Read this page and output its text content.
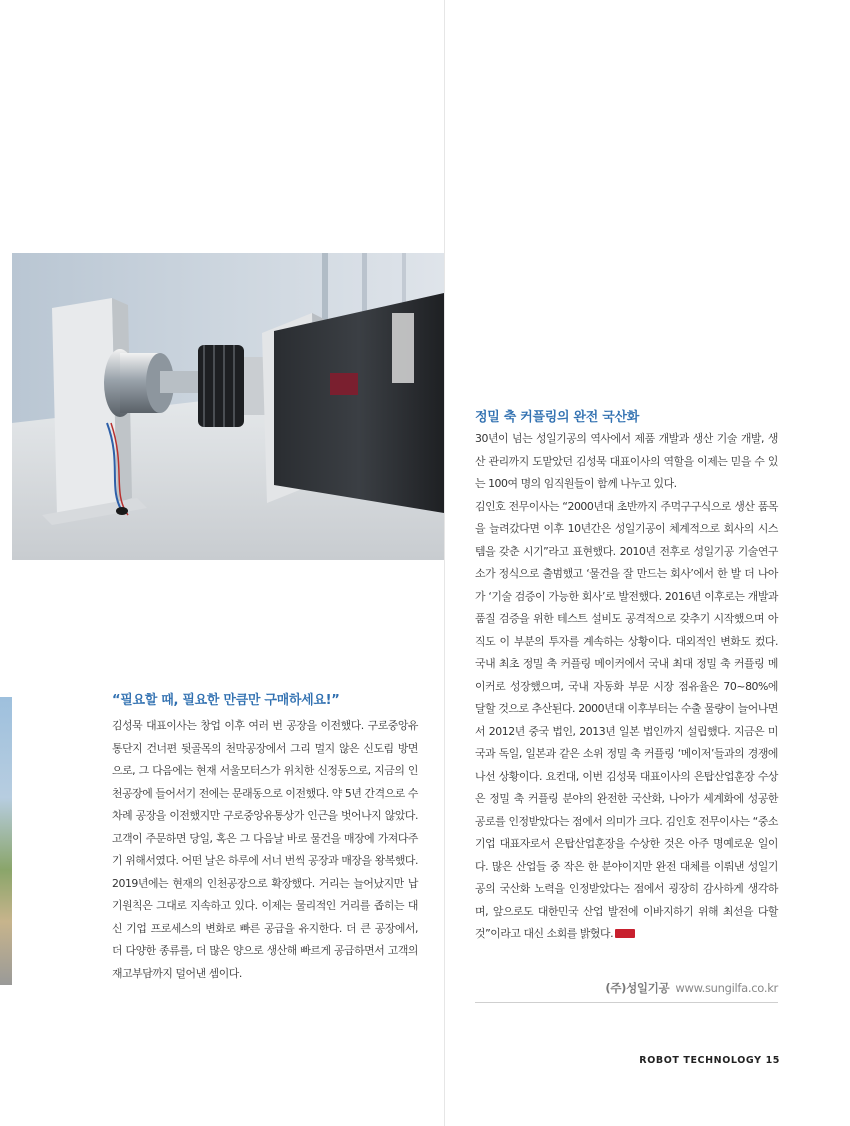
“필요할 때, 필요한 만큼만 구매하세요!”

김성묵 대표이사는 창업 이후 여러 번 공장을 이전했다. 구로중앙유통단지 건너편 뒷골목의 천막공장에서 그리 멀지 않은 신도림 방면으로, 그 다음에는 현재 서울모터스가 위치한 신정동으로, 지금의 인천공장에 들어서기 전에는 문래동으로 이전했다. 약 5년 간격으로 수차례 공장을 이전했지만 구로중앙유통상가 인근을 벗어나지 않았다. 고객이 주문하면 당일, 혹은 그 다음날 바로 물건을 매장에 가져다주기 위해서였다. 어떤 날은 하루에 서너 번씩 공장과 매장을 왕복했다. 2019년에는 현재의 인천공장으로 확장했다. 거리는 늘어났지만 납기원칙은 그대로 지속하고 있다. 이제는 물리적인 거리를 좁히는 대신 기업 프로세스의 변화로 빠른 공급을 유지한다. 더 큰 공장에서, 더 다양한 종류를, 더 많은 양으로 생산해 빠르게 공급하면서 고객의 재고부담까지 덜어낸 셈이다.

정밀 축 커플링의 완전 국산화

30년이 넘는 성일기공의 역사에서 제품 개발과 생산 기술 개발, 생산 관리까지 도맡았던 김성묵 대표이사의 역할을 이제는 믿을 수 있는 100여 명의 임직원들이 함께 나누고 있다.

김인호 전무이사는 “2000년대 초반까지 주먹구구식으로 생산 품목을 늘려갔다면 이후 10년간은 성일기공이 체계적으로 회사의 시스템을 갖춘 시기”라고 표현했다. 2010년 전후로 성일기공 기술연구소가 정식으로 출범했고 ‘물건을 잘 만드는 회사’에서 한 발 더 나아가 ‘기술 검증이 가능한 회사’로 발전했다. 2016년 이후로는 개발과 품질 검증을 위한 테스트 설비도 공격적으로 갖추기 시작했으며 아직도 이 부분의 투자를 계속하는 상황이다. 대외적인 변화도 컸다. 국내 최초 정밀 축 커플링 메이커에서 국내 최대 정밀 축 커플링 메이커로 성장했으며, 국내 자동화 부문 시장 점유율은 70~80%에 달할 것으로 추산된다. 2000년대 이후부터는 수출 물량이 늘어나면서 2012년 중국 법인, 2013년 일본 법인까지 설립했다. 지금은 미국과 독일, 일본과 같은 소위 정밀 축 커플링 ‘메이저’들과의 경쟁에 나선 상황이다. 요컨대, 이번 김성묵 대표이사의 은탑산업훈장 수상은 정밀 축 커플링 분야의 완전한 국산화, 나아가 세계화에 성공한 공로를 인정받았다는 점에서 의미가 크다. 김인호 전무이사는 “중소기업 대표자로서 은탑산업훈장을 수상한 것은 아주 명예로운 일이다. 많은 산업들 중 작은 한 분야이지만 완전 대체를 이뤄낸 성일기공의 국산화 노력을 인정받았다는 점에서 굉장히 감사하게 생각하며, 앞으로도 대한민국 산업 발전에 이바지하기 위해 최선을 다할 것”이라고 대신 소회를 밝혔다.

(주)성일기공 www.sungilfa.co.kr
ROBOT TECHNOLOGY 15
